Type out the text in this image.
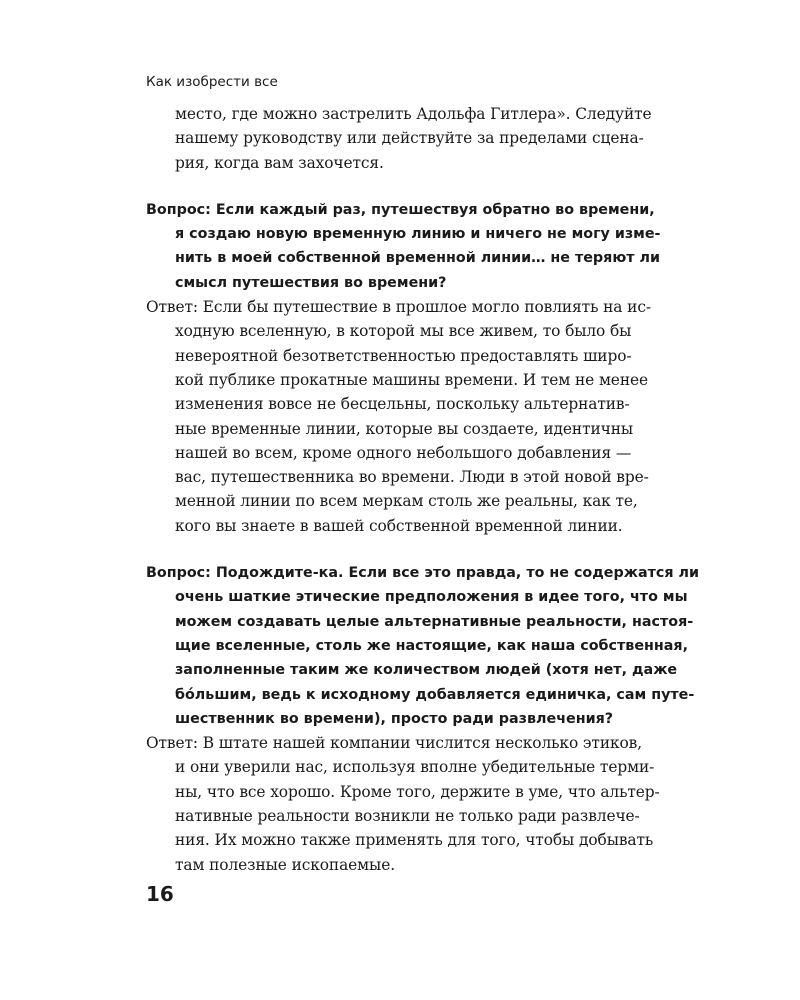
Как изобрести все
место, где можно застрелить Адольфа Гитлера». Следуйте
нашему руководству или действуйте за пределами сцена-
рия, когда вам захочется.
Вопрос: Если каждый раз, путешествуя обратно во времени,
я создаю новую временную линию и ничего не могу изме-
нить в моей собственной временной линии… не теряют ли
смысл путешествия во времени?
Ответ: Если бы путешествие в прошлое могло повлиять на ис-
ходную вселенную, в которой мы все живем, то было бы
невероятной безответственностью предоставлять широ-
кой публике прокатные машины времени. И тем не менее
изменения вовсе не бесцельны, поскольку альтернатив-
ные временные линии, которые вы создаете, идентичны
нашей во всем, кроме одного небольшого добавления —
вас, путешественника во времени. Люди в этой новой вре-
менной линии по всем меркам столь же реальны, как те,
кого вы знаете в вашей собственной временной линии.
Вопрос: Подождите-ка. Если все это правда, то не содержатся ли
очень шаткие этические предположения в идее того, что мы
можем создавать целые альтернативные реальности, настоя-
щие вселенные, столь же настоящие, как наша собственная,
заполненные таким же количеством людей (хотя нет, даже
бóльшим, ведь к исходному добавляется единичка, сам путе-
шественник во времени), просто ради развлечения?
Ответ: В штате нашей компании числится несколько этиков,
и они уверили нас, используя вполне убедительные терми-
ны, что все хорошо. Кроме того, держите в уме, что альтер-
нативные реальности возникли не только ради развлече-
ния. Их можно также применять для того, чтобы добывать
там полезные ископаемые.
16
